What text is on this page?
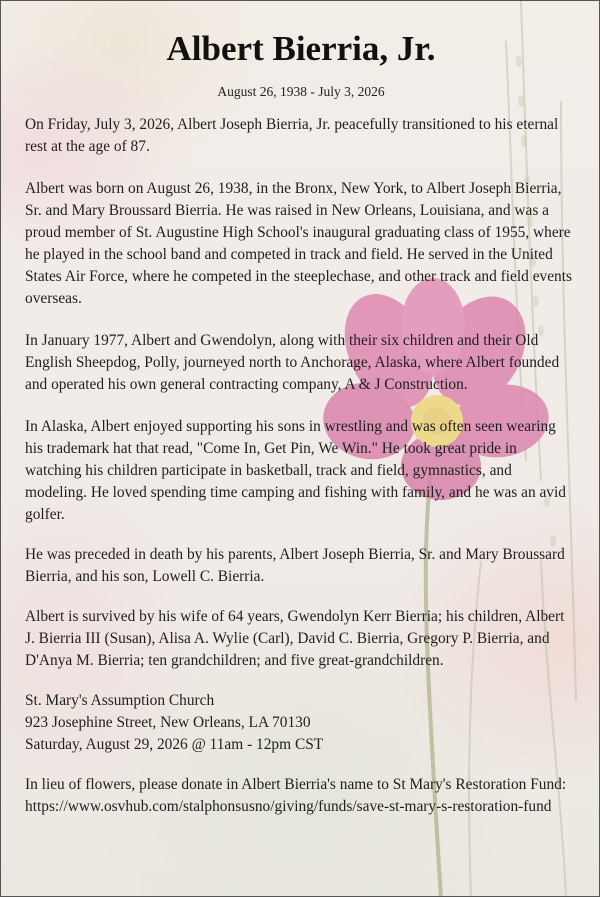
Albert Bierria, Jr.
August 26, 1938 - July 3, 2026

On Friday, July 3, 2026, Albert Joseph Bierria, Jr. peacefully transitioned to his eternal rest at the age of 87.

Albert was born on August 26, 1938, in the Bronx, New York, to Albert Joseph Bierria, Sr. and Mary Broussard Bierria. He was raised in New Orleans, Louisiana, and was a proud member of St. Augustine High School's inaugural graduating class of 1955, where he played in the school band and competed in track and field. He served in the United States Air Force, where he competed in the steeplechase, and other track and field events overseas.

In January 1977, Albert and Gwendolyn, along with their six children and their Old English Sheepdog, Polly, journeyed north to Anchorage, Alaska, where Albert founded and operated his own general contracting company, A & J Construction.

In Alaska, Albert enjoyed supporting his sons in wrestling and was often seen wearing his trademark hat that read, "Come In, Get Pin, We Win." He took great pride in watching his children participate in basketball, track and field, gymnastics, and modeling. He loved spending time camping and fishing with family, and he was an avid golfer.

He was preceded in death by his parents, Albert Joseph Bierria, Sr. and Mary Broussard Bierria, and his son, Lowell C. Bierria.

Albert is survived by his wife of 64 years, Gwendolyn Kerr Bierria; his children, Albert J. Bierria III (Susan), Alisa A. Wylie (Carl), David C. Bierria, Gregory P. Bierria, and D'Anya M. Bierria; ten grandchildren; and five great-grandchildren.

St. Mary's Assumption Church

923 Josephine Street, New Orleans, LA 70130

Saturday, August 29, 2026 @ 11am - 12pm CST

In lieu of flowers, please donate in Albert Bierria's name to St Mary's Restoration Fund:

https://www.osvhub.com/stalphonsusno/giving/funds/save-st-mary-s-restoration-fund
